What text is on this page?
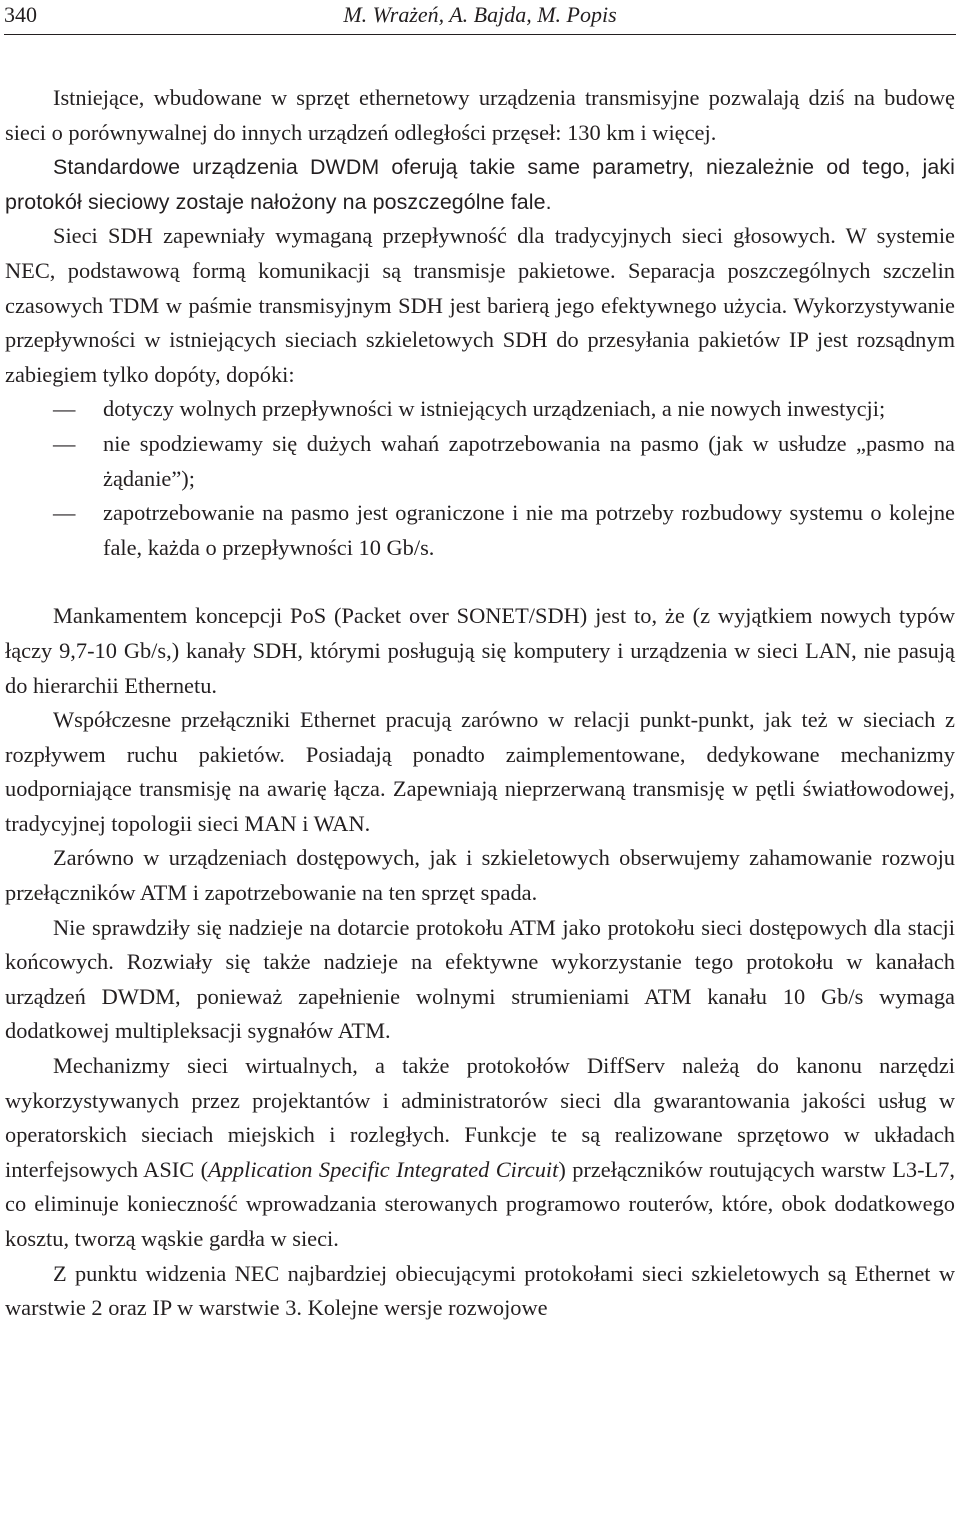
340	M. Wrażeń, A. Bajda, M. Popis

Istniejące, wbudowane w sprzęt ethernetowy urządzenia transmisyjne pozwalają dziś na budowę sieci o porównywalnej do innych urządzeń odległości przęseł: 130 km i więcej.

Standardowe urządzenia DWDM oferują takie same parametry, niezależnie od tego, jaki protokół sieciowy zostaje nałożony na poszczególne fale.

Sieci SDH zapewniały wymaganą przepływność dla tradycyjnych sieci głosowych. W systemie NEC, podstawową formą komunikacji są transmisje pakietowe. Separacja poszczególnych szczelin czasowych TDM w paśmie transmisyjnym SDH jest barierą jego efektywnego użycia. Wykorzystywanie przepływności w istniejących sieciach szkieletowych SDH do przesyłania pakietów IP jest rozsądnym zabiegiem tylko dopóty, dopóki:

—	dotyczy wolnych przepływności w istniejących urządzeniach, a nie nowych inwestycji;
—	nie spodziewamy się dużych wahań zapotrzebowania na pasmo (jak w usłudze „pasmo na żądanie”);
—	zapotrzebowanie na pasmo jest ograniczone i nie ma potrzeby rozbudowy systemu o kolejne fale, każda o przepływności 10 Gb/s.

Mankamentem koncepcji PoS (Packet over SONET/SDH) jest to, że (z wyjątkiem nowych typów łączy 9,7-10 Gb/s,) kanały SDH, którymi posługują się komputery i urządzenia w sieci LAN, nie pasują do hierarchii Ethernetu.

Współczesne przełączniki Ethernet pracują zarówno w relacji punkt-punkt, jak też w sieciach z rozpływem ruchu pakietów. Posiadają ponadto zaimplementowane, dedykowane mechanizmy uodporniające transmisję na awarię łącza. Zapewniają nieprzerwaną transmisję w pętli światłowodowej, tradycyjnej topologii sieci MAN i WAN.

Zarówno w urządzeniach dostępowych, jak i szkieletowych obserwujemy zahamowanie rozwoju przełączników ATM i zapotrzebowanie na ten sprzęt spada.

Nie sprawdziły się nadzieje na dotarcie protokołu ATM jako protokołu sieci dostępowych dla stacji końcowych. Rozwiały się także nadzieje na efektywne wykorzystanie tego protokołu w kanałach urządzeń DWDM, ponieważ zapełnienie wolnymi strumieniami ATM kanału 10 Gb/s wymaga dodatkowej multipleksacji sygnałów ATM.

Mechanizmy sieci wirtualnych, a także protokołów DiffServ należą do kanonu narzędzi wykorzystywanych przez projektantów i administratorów sieci dla gwarantowania jakości usług w operatorskich sieciach miejskich i rozległych. Funkcje te są realizowane sprzętowo w układach interfejsowych ASIC (Application Specific Integrated Circuit) przełączników routujących warstw L3-L7, co eliminuje konieczność wprowadzania sterowanych programowo routerów, które, obok dodatkowego kosztu, tworzą wąskie gardła w sieci.

Z punktu widzenia NEC najbardziej obiecującymi protokołami sieci szkieletowych są Ethernet w warstwie 2 oraz IP w warstwie 3. Kolejne wersje rozwojowe
